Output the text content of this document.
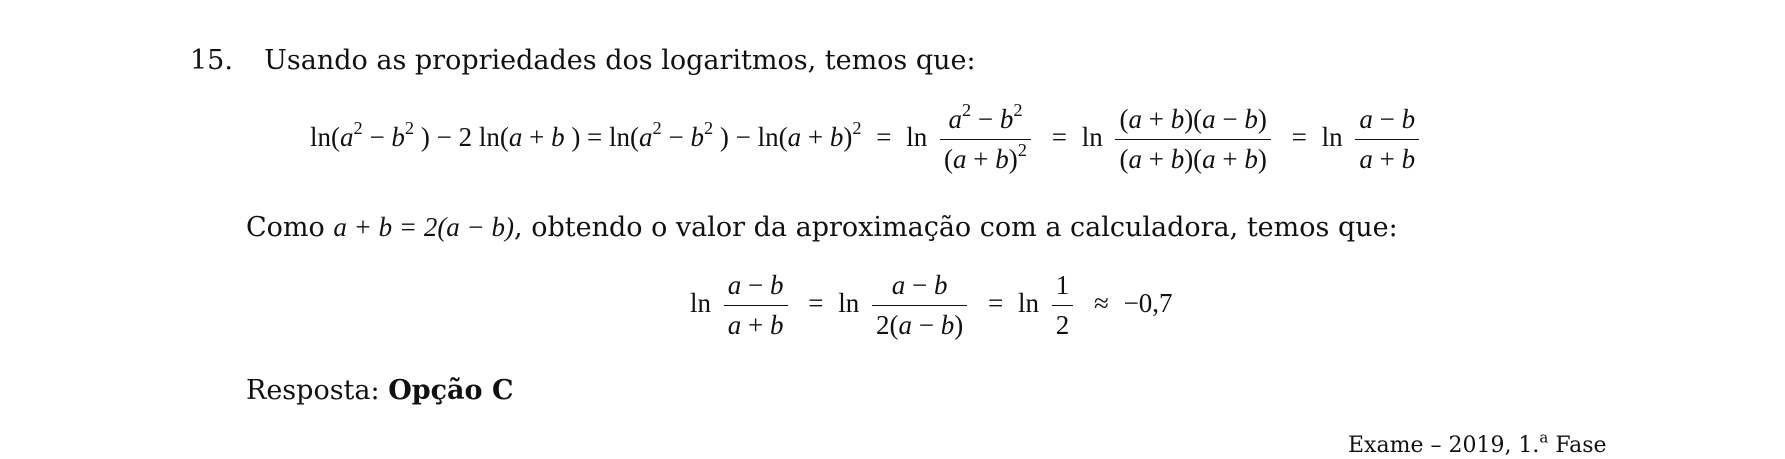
15. Usando as propriedades dos logaritmos, temos que:
$\ln(a^2 - b^2$ ) − 2 ln(a + b ) = $\ln(a^2 - b^2$ ) − $\ln(a + b)^2 = \ln \frac{a^2 - b^2}{(a + b)^2} = \ln \frac{(a + b)(a - b)}{(a + b)(a + b)} = \ln \frac{a - b}{a + b}$
Como a + b = 2(a − b), obtendo o valor da aproximação com a calculadora, temos que:
$\ln \frac{a - b}{a + b} = \ln \frac{a - b}{2(a - b)} = \ln \frac{1}{2} \approx -0,7$
Resposta: Opção C
Exame – 2019, 1.$^a$ Fase
